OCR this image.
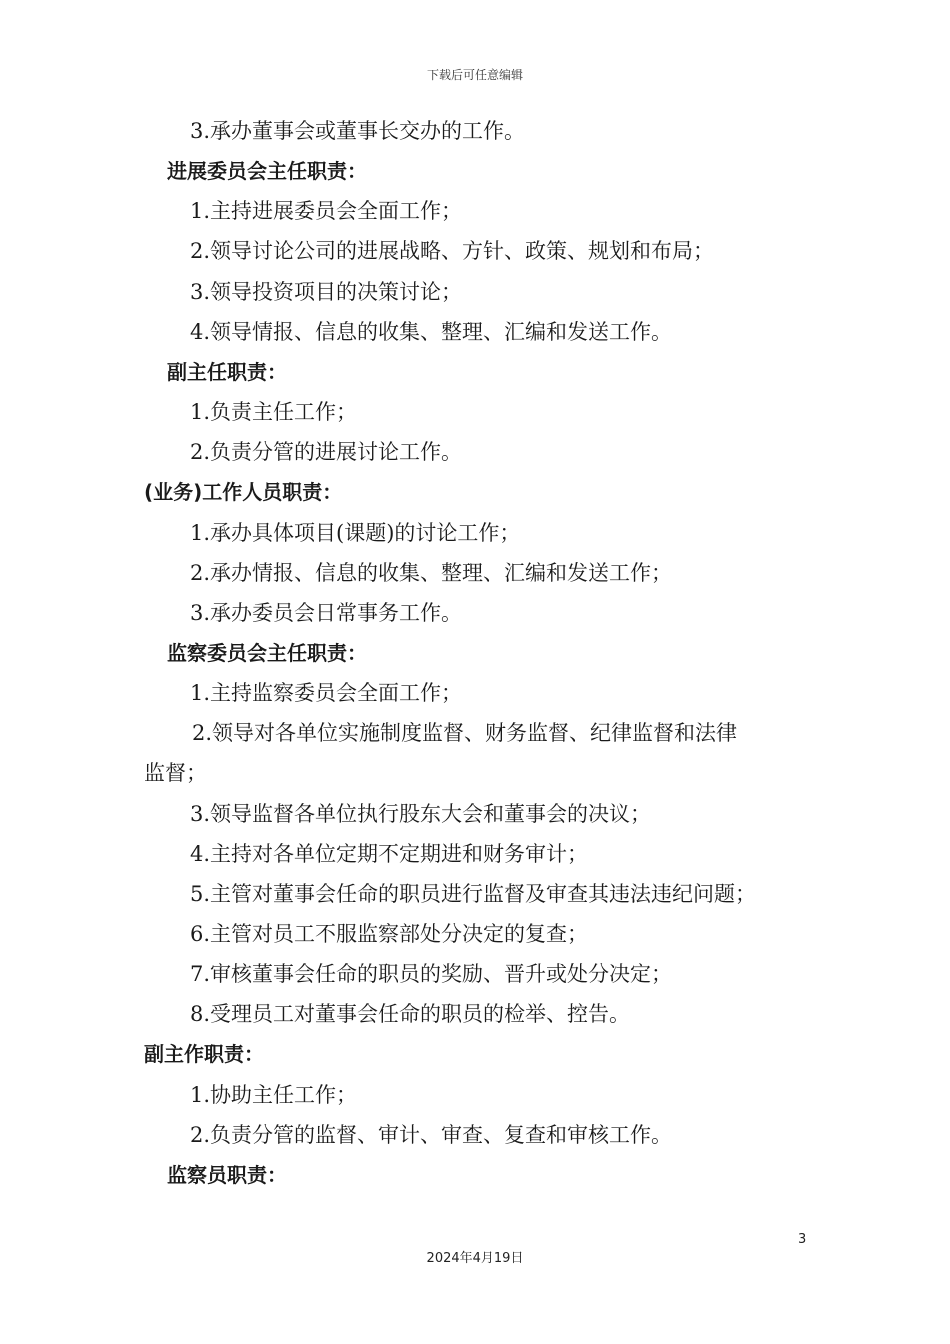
下载后可任意编辑
3.承办董事会或董事长交办的工作。
进展委员会主任职责：
1.主持进展委员会全面工作；
2.领导讨论公司的进展战略、方针、政策、规划和布局；
3.领导投资项目的决策讨论；
4.领导情报、信息的收集、整理、汇编和发送工作。
副主任职责：
1.负责主任工作；
2.负责分管的进展讨论工作。
(业务)工作人员职责：
1.承办具体项目(课题)的讨论工作；
2.承办情报、信息的收集、整理、汇编和发送工作；
3.承办委员会日常事务工作。
监察委员会主任职责：
1.主持监察委员会全面工作；
2.领导对各单位实施制度监督、财务监督、纪律监督和法律
监督；
3.领导监督各单位执行股东大会和董事会的决议；
4.主持对各单位定期不定期进和财务审计；
5.主管对董事会任命的职员进行监督及审查其违法违纪问题；
6.主管对员工不服监察部处分决定的复查；
7.审核董事会任命的职员的奖励、晋升或处分决定；
8.受理员工对董事会任命的职员的检举、控告。
副主作职责：
1.协助主任工作；
2.负责分管的监督、审计、审查、复查和审核工作。
监察员职责：
3
2024年4月19日
